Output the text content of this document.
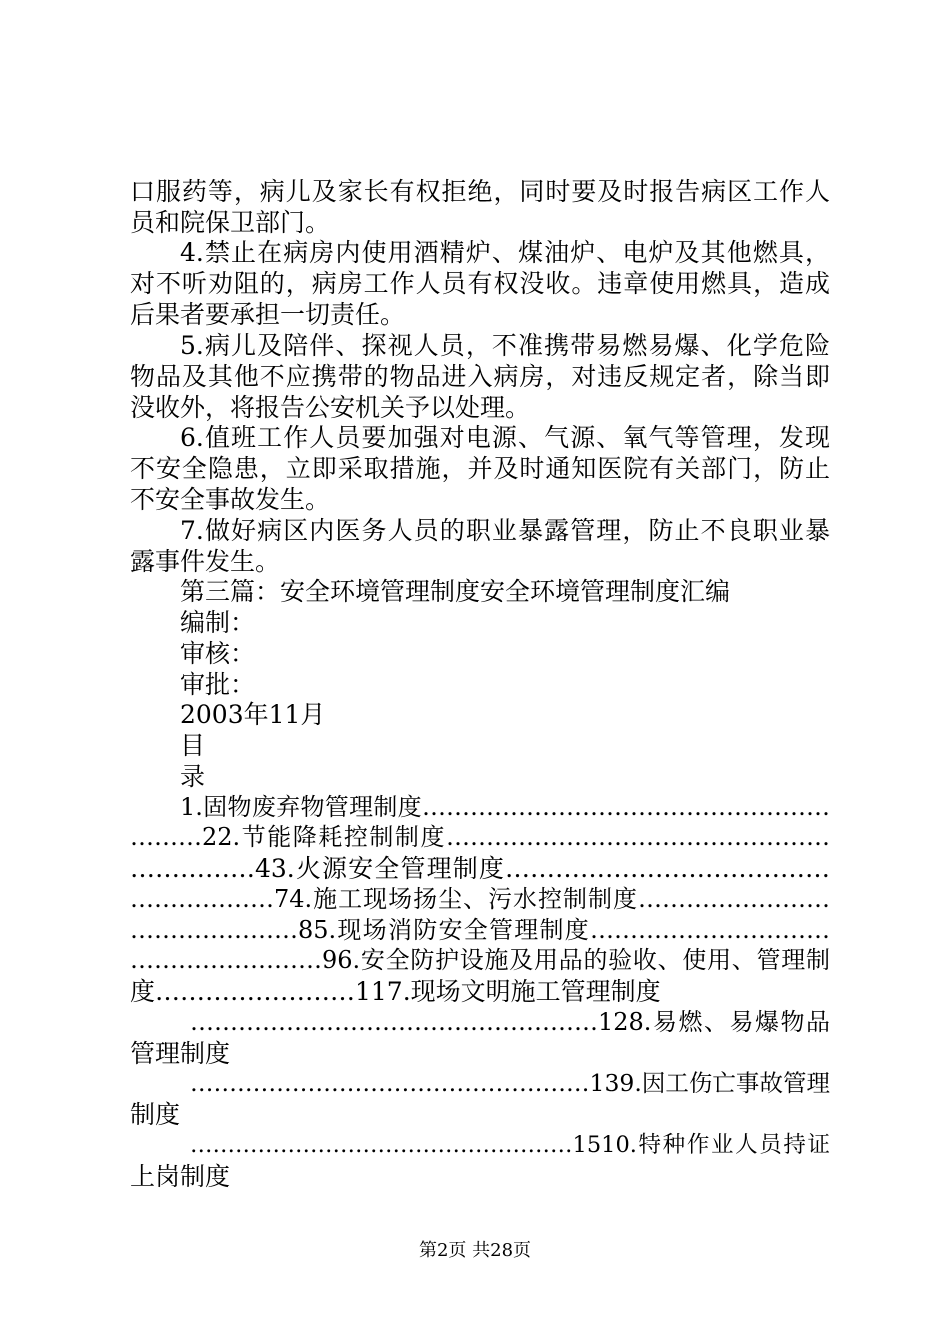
口服药等，病儿及家长有权拒绝，同时要及时报告病区工作人
员和院保卫部门。
4.禁止在病房内使用酒精炉、煤油炉、电炉及其他燃具，
对不听劝阻的，病房工作人员有权没收。违章使用燃具，造成
后果者要承担一切责任。
5.病儿及陪伴、探视人员，不准携带易燃易爆、化学危险
物品及其他不应携带的物品进入病房，对违反规定者，除当即
没收外，将报告公安机关予以处理。
6.值班工作人员要加强对电源、气源、氧气等管理，发现
不安全隐患，立即采取措施，并及时通知医院有关部门，防止
不安全事故发生。
7.做好病区内医务人员的职业暴露管理，防止不良职业暴
露事件发生。
第三篇：安全环境管理制度安全环境管理制度汇编
编制：
审核：
审批：
2003年11月
目
录
1.固物废弃物管理制度……………………………………………
………22.节能降耗控制制度…………………………………………
……………43.火源安全管理制度…………………………………
………………74.施工现场扬尘、污水控制制度……………………
…………………85.现场消防安全管理制度…………………………
……………………96.安全防护设施及用品的验收、使用、管理制
度……………………117.现场文明施工管理制度
……………………………………………128.易燃、易爆物品
管理制度
……………………………………………139.因工伤亡事故管理
制度
……………………………………………1510.特种作业人员持证
上岗制度
第2页 共28页
